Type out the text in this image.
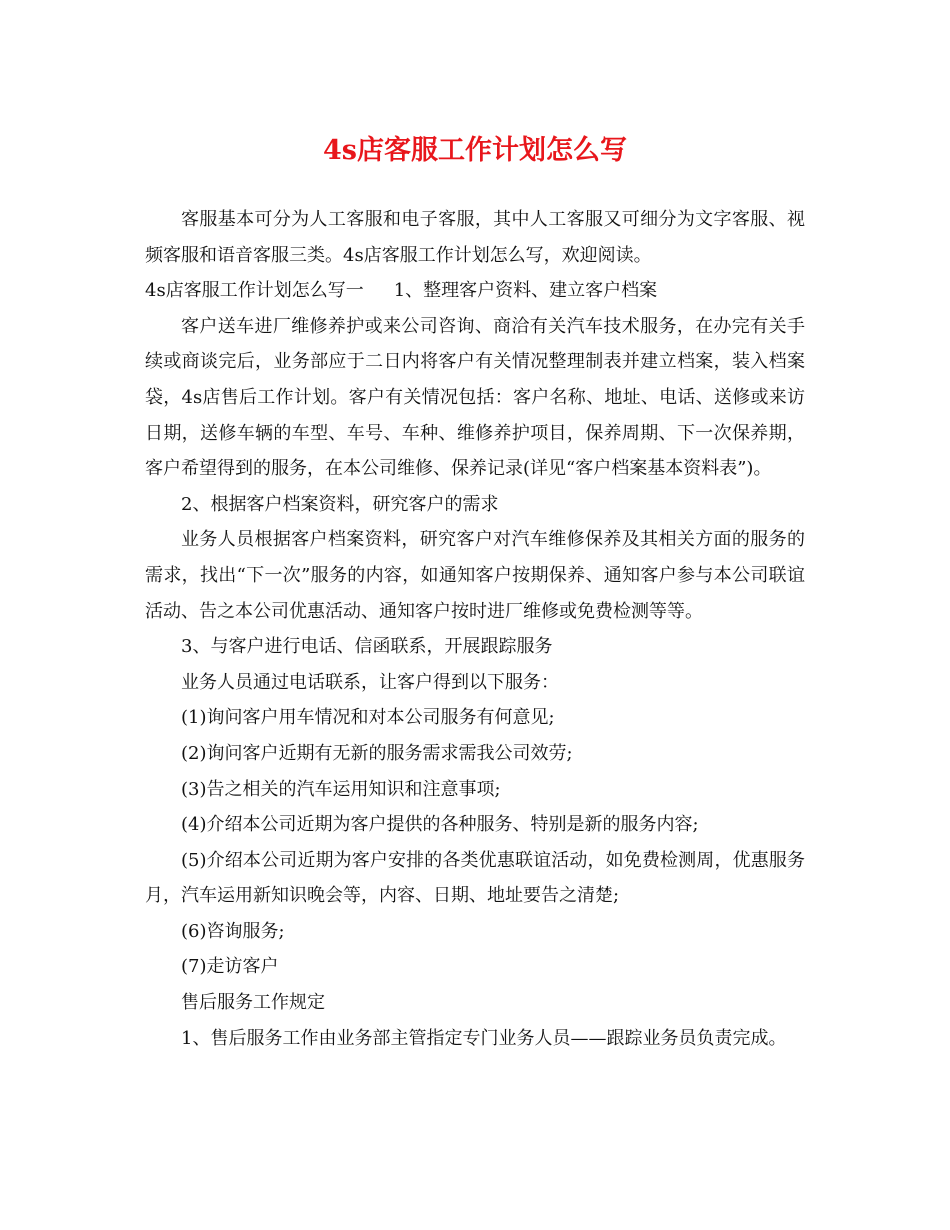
4s店客服工作计划怎么写

客服基本可分为人工客服和电子客服，其中人工客服又可细分为文字客服、视频客服和语音客服三类。4s店客服工作计划怎么写，欢迎阅读。

4s店客服工作计划怎么写一 1、整理客户资料、建立客户档案

客户送车进厂维修养护或来公司咨询、商洽有关汽车技术服务，在办完有关手续或商谈完后，业务部应于二日内将客户有关情况整理制表并建立档案，装入档案袋，4s店售后工作计划。客户有关情况包括：客户名称、地址、电话、送修或来访日期，送修车辆的车型、车号、车种、维修养护项目，保养周期、下一次保养期，客户希望得到的服务，在本公司维修、保养记录(详见“客户档案基本资料表”)。

2、根据客户档案资料，研究客户的需求

业务人员根据客户档案资料，研究客户对汽车维修保养及其相关方面的服务的需求，找出“下一次”服务的内容，如通知客户按期保养、通知客户参与本公司联谊活动、告之本公司优惠活动、通知客户按时进厂维修或免费检测等等。

3、与客户进行电话、信函联系，开展跟踪服务

业务人员通过电话联系，让客户得到以下服务：

(1)询问客户用车情况和对本公司服务有何意见;

(2)询问客户近期有无新的服务需求需我公司效劳;

(3)告之相关的汽车运用知识和注意事项;

(4)介绍本公司近期为客户提供的各种服务、特别是新的服务内容;

(5)介绍本公司近期为客户安排的各类优惠联谊活动，如免费检测周，优惠服务月，汽车运用新知识晚会等，内容、日期、地址要告之清楚;

(6)咨询服务;

(7)走访客户

售后服务工作规定

1、售后服务工作由业务部主管指定专门业务人员——跟踪业务员负责完成。
